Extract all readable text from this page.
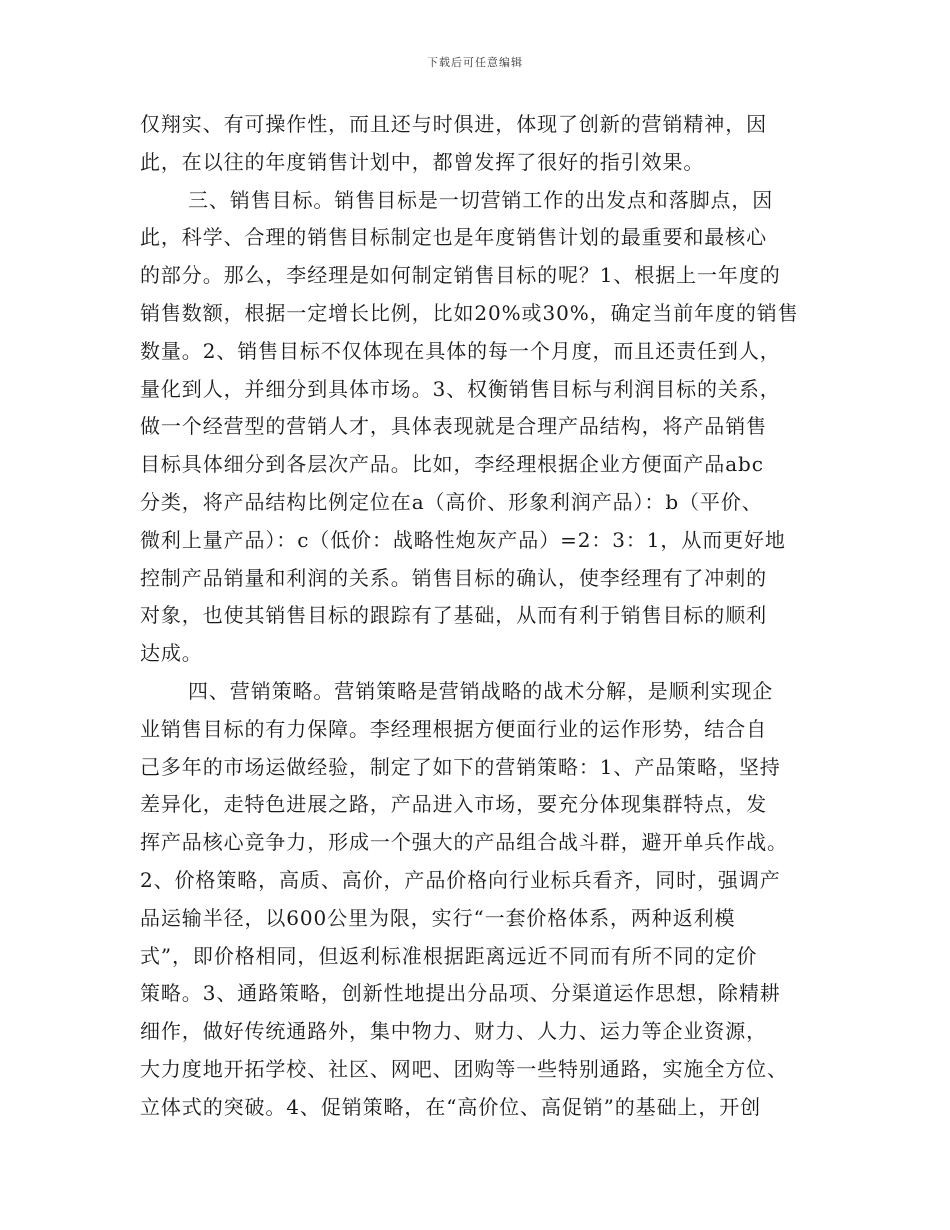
下载后可任意编辑
仅翔实、有可操作性，而且还与时俱进，体现了创新的营销精神，因
此，在以往的年度销售计划中，都曾发挥了很好的指引效果。
三、销售目标。销售目标是一切营销工作的出发点和落脚点，因
此，科学、合理的销售目标制定也是年度销售计划的最重要和最核心
的部分。那么，李经理是如何制定销售目标的呢？1、根据上一年度的
销售数额，根据一定增长比例，比如20%或30%，确定当前年度的销售
数量。2、销售目标不仅体现在具体的每一个月度，而且还责任到人，
量化到人，并细分到具体市场。3、权衡销售目标与利润目标的关系，
做一个经营型的营销人才，具体表现就是合理产品结构，将产品销售
目标具体细分到各层次产品。比如，李经理根据企业方便面产品abc
分类，将产品结构比例定位在a（高价、形象利润产品）：b（平价、
微利上量产品）：c（低价：战略性炮灰产品）=2：3：1，从而更好地
控制产品销量和利润的关系。销售目标的确认，使李经理有了冲刺的
对象，也使其销售目标的跟踪有了基础，从而有利于销售目标的顺利
达成。
四、营销策略。营销策略是营销战略的战术分解，是顺利实现企
业销售目标的有力保障。李经理根据方便面行业的运作形势，结合自
己多年的市场运做经验，制定了如下的营销策略：1、产品策略，坚持
差异化，走特色进展之路，产品进入市场，要充分体现集群特点，发
挥产品核心竞争力，形成一个强大的产品组合战斗群，避开单兵作战。
2、价格策略，高质、高价，产品价格向行业标兵看齐，同时，强调产
品运输半径，以600公里为限，实行“一套价格体系，两种返利模
式”，即价格相同，但返利标准根据距离远近不同而有所不同的定价
策略。3、通路策略，创新性地提出分品项、分渠道运作思想，除精耕
细作，做好传统通路外，集中物力、财力、人力、运力等企业资源，
大力度地开拓学校、社区、网吧、团购等一些特别通路，实施全方位、
立体式的突破。4、促销策略，在“高价位、高促销”的基础上，开创
